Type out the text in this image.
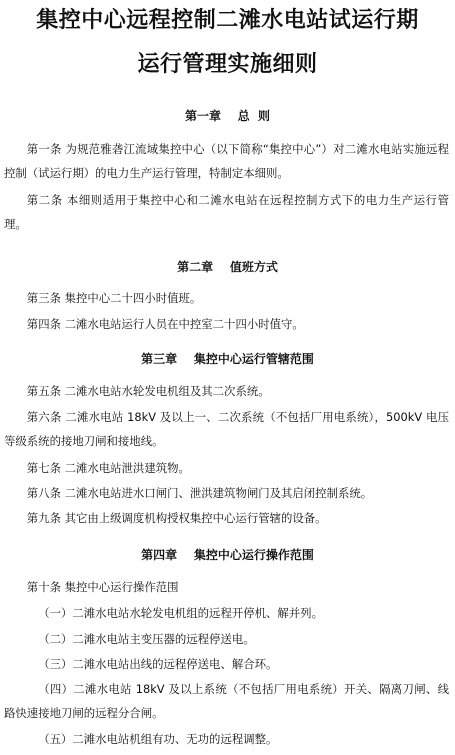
集控中心远程控制二滩水电站试运行期
运行管理实施细则
第一章    总  则

第一条 为规范雅砻江流域集控中心（以下简称“集控中心”）对二滩水电站实施远程控制（试运行期）的电力生产运行管理，特制定本细则。

第二条 本细则适用于集控中心和二滩水电站在远程控制方式下的电力生产运行管理。

第二章    值班方式

第三条 集控中心二十四小时值班。

第四条 二滩水电站运行人员在中控室二十四小时值守。

第三章    集控中心运行管辖范围

第五条 二滩水电站水轮发电机组及其二次系统。

第六条 二滩水电站 18kV 及以上一、二次系统（不包括厂用电系统），500kV 电压等级系统的接地刀闸和接地线。

第七条 二滩水电站泄洪建筑物。

第八条 二滩水电站进水口闸门、泄洪建筑物闸门及其启闭控制系统。

第九条 其它由上级调度机构授权集控中心运行管辖的设备。

第四章    集控中心运行操作范围

第十条 集控中心运行操作范围

（一）二滩水电站水轮发电机组的远程开停机、解并列。

（二）二滩水电站主变压器的远程停送电。

（三）二滩水电站出线的远程停送电、解合环。

（四）二滩水电站 18kV 及以上系统（不包括厂用电系统）开关、隔离刀闸、线路快速接地刀闸的远程分合闸。

（五）二滩水电站机组有功、无功的远程调整。
